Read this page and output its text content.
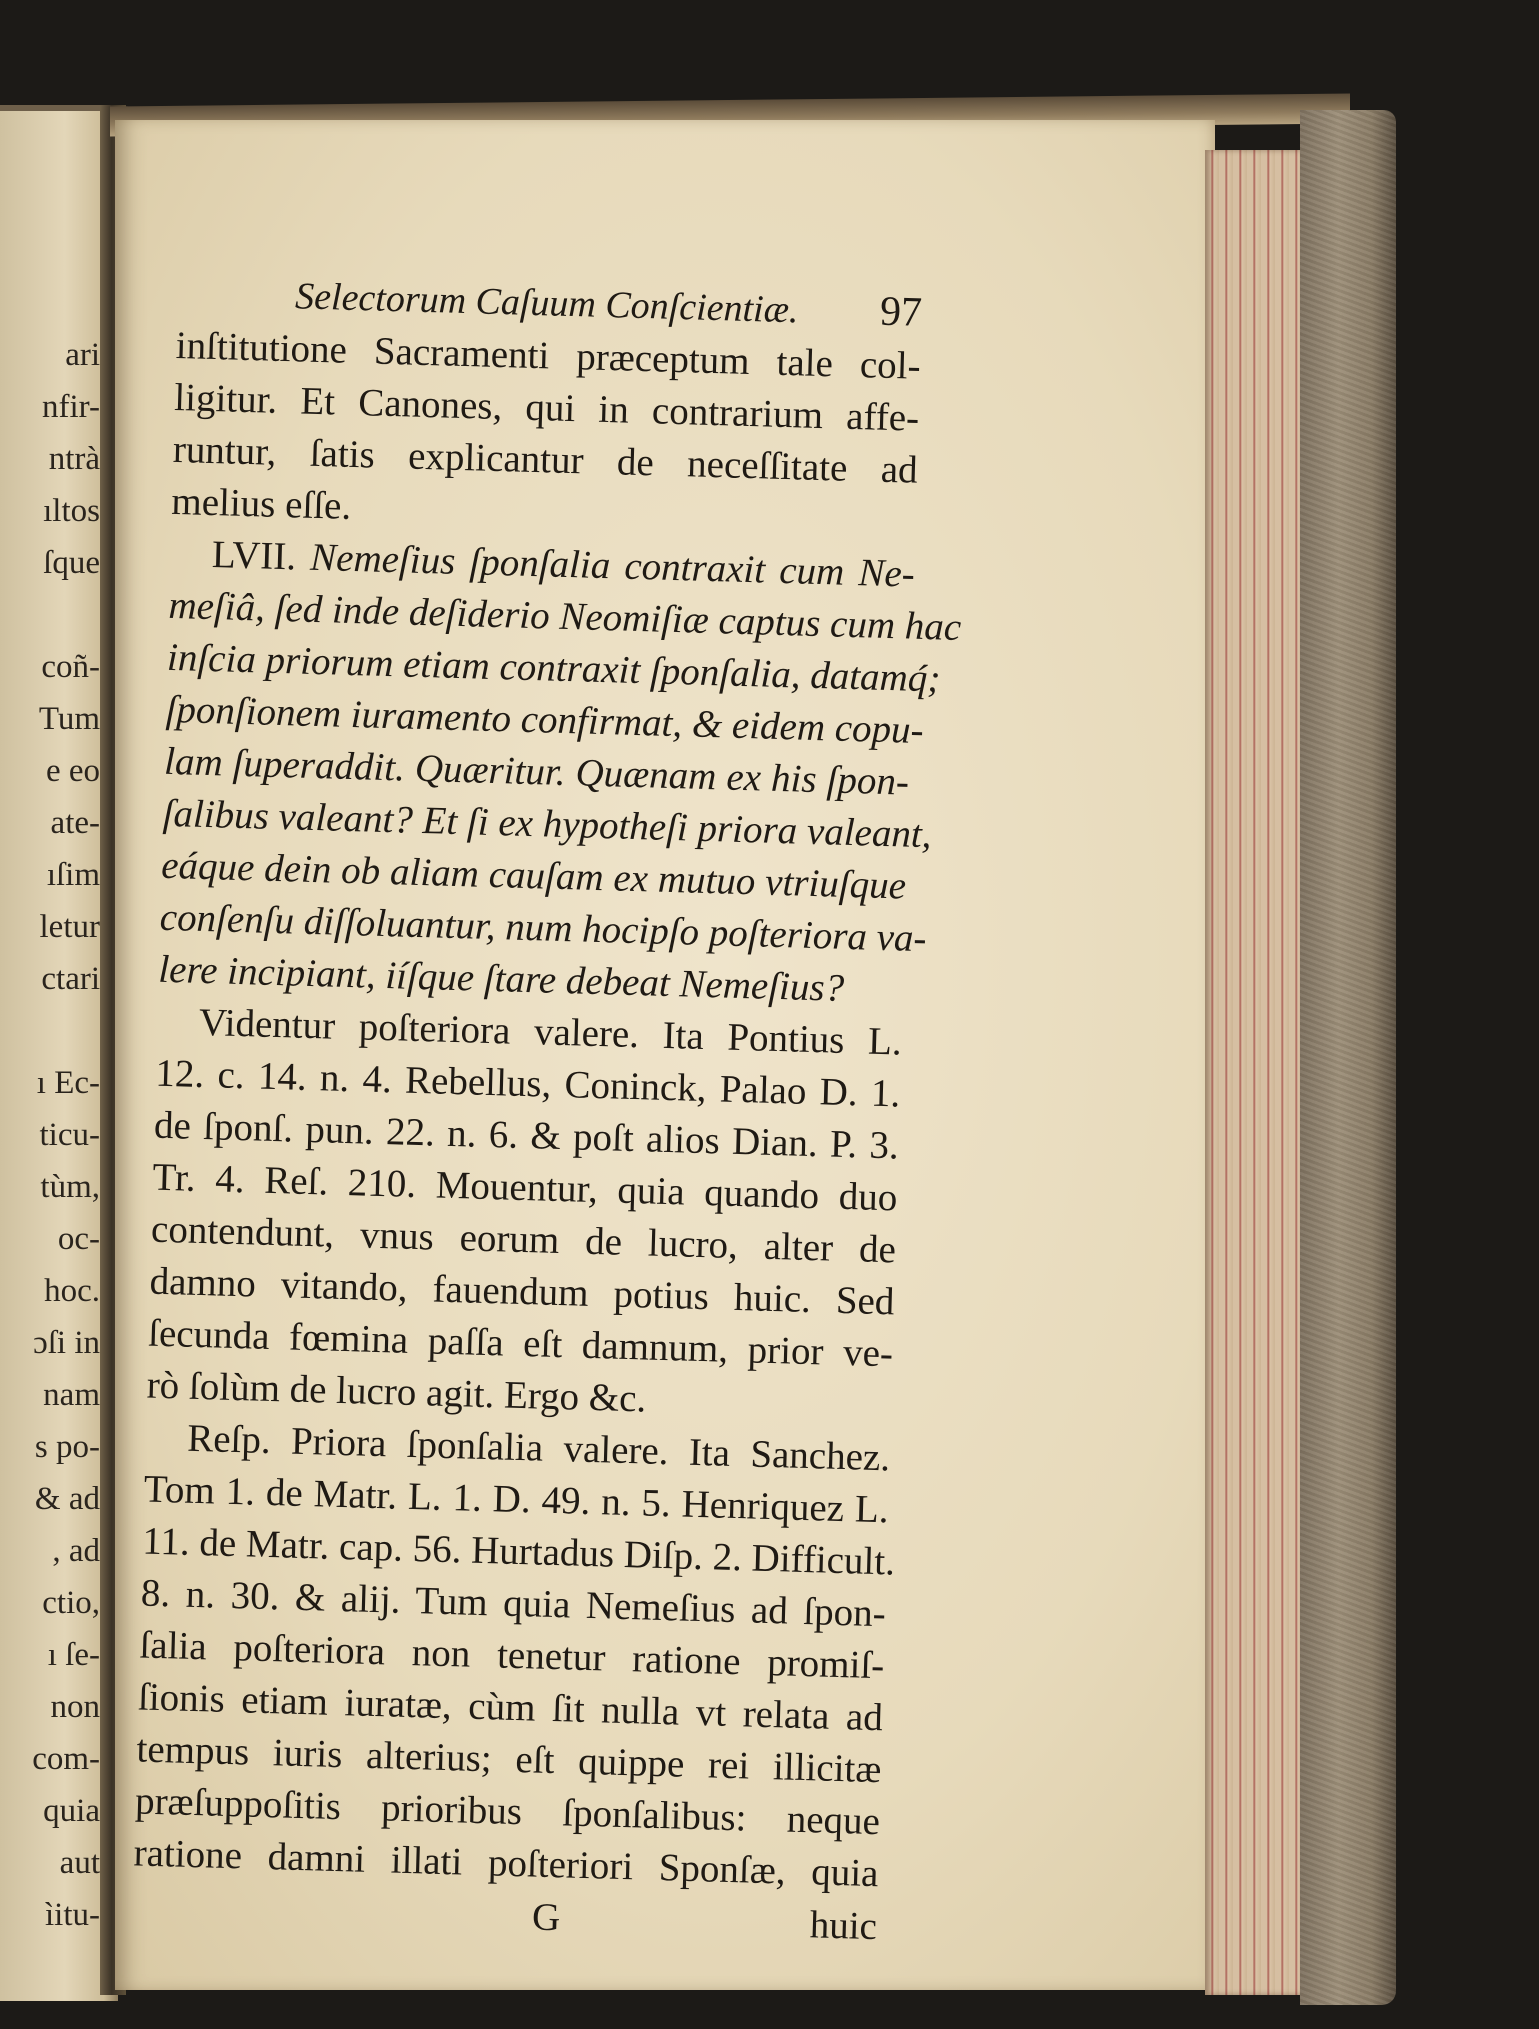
ari
nfir-
ntrà
ıltos
ſque

coñ-
Tum
e eo
ate-
ıſim
letur
ctari

ı Ec-
ticu-
tùm,
oc-
hoc.
ɔſi in
nam
s po-
& ad
, ad
ctio,
ı ſe-
non
com-
quia
aut
ìitu-
Selectorum Caſuum Conſcientiæ. 97
inſtitutione Sacramenti præceptum tale col-
ligitur. Et Canones, qui in contrarium affe-
runtur, ſatis explicantur de neceſſitate ad
melius eſſe.
LVII. Nemeſius ſponſalia contraxit cum Ne-
meſiâ, ſed inde deſiderio Neomiſiæ captus cum hac
inſcia priorum etiam contraxit ſponſalia, datamq́;
ſponſionem iuramento confirmat, & eidem copu-
lam ſuperaddit. Quæritur. Quænam ex his ſpon-
ſalibus valeant? Et ſi ex hypotheſi priora valeant,
eáque dein ob aliam cauſam ex mutuo vtriuſque
conſenſu diſſoluantur, num hocipſo poſteriora va-
lere incipiant, iíſque ſtare debeat Nemeſius?
Videntur poſteriora valere. Ita Pontius L.
12. c. 14. n. 4. Rebellus, Coninck, Palao D. 1.
de ſponſ. pun. 22. n. 6. & poſt alios Dian. P. 3.
Tr. 4. Reſ. 210. Mouentur, quia quando duo
contendunt, vnus eorum de lucro, alter de
damno vitando, fauendum potius huic. Sed
ſecunda fœmina paſſa eſt damnum, prior ve-
rò ſolùm de lucro agit. Ergo &c.
Reſp. Priora ſponſalia valere. Ita Sanchez.
Tom 1. de Matr. L. 1. D. 49. n. 5. Henriquez L.
11. de Matr. cap. 56. Hurtadus Diſp. 2. Difficult.
8. n. 30. & alij. Tum quia Nemeſius ad ſpon-
ſalia poſteriora non tenetur ratione promiſ-
ſionis etiam iuratæ, cùm ſit nulla vt relata ad
tempus iuris alterius; eſt quippe rei illicitæ
præſuppoſitis prioribus ſponſalibus: neque
ratione damni illati poſteriori Sponſæ, quia
G	huic
